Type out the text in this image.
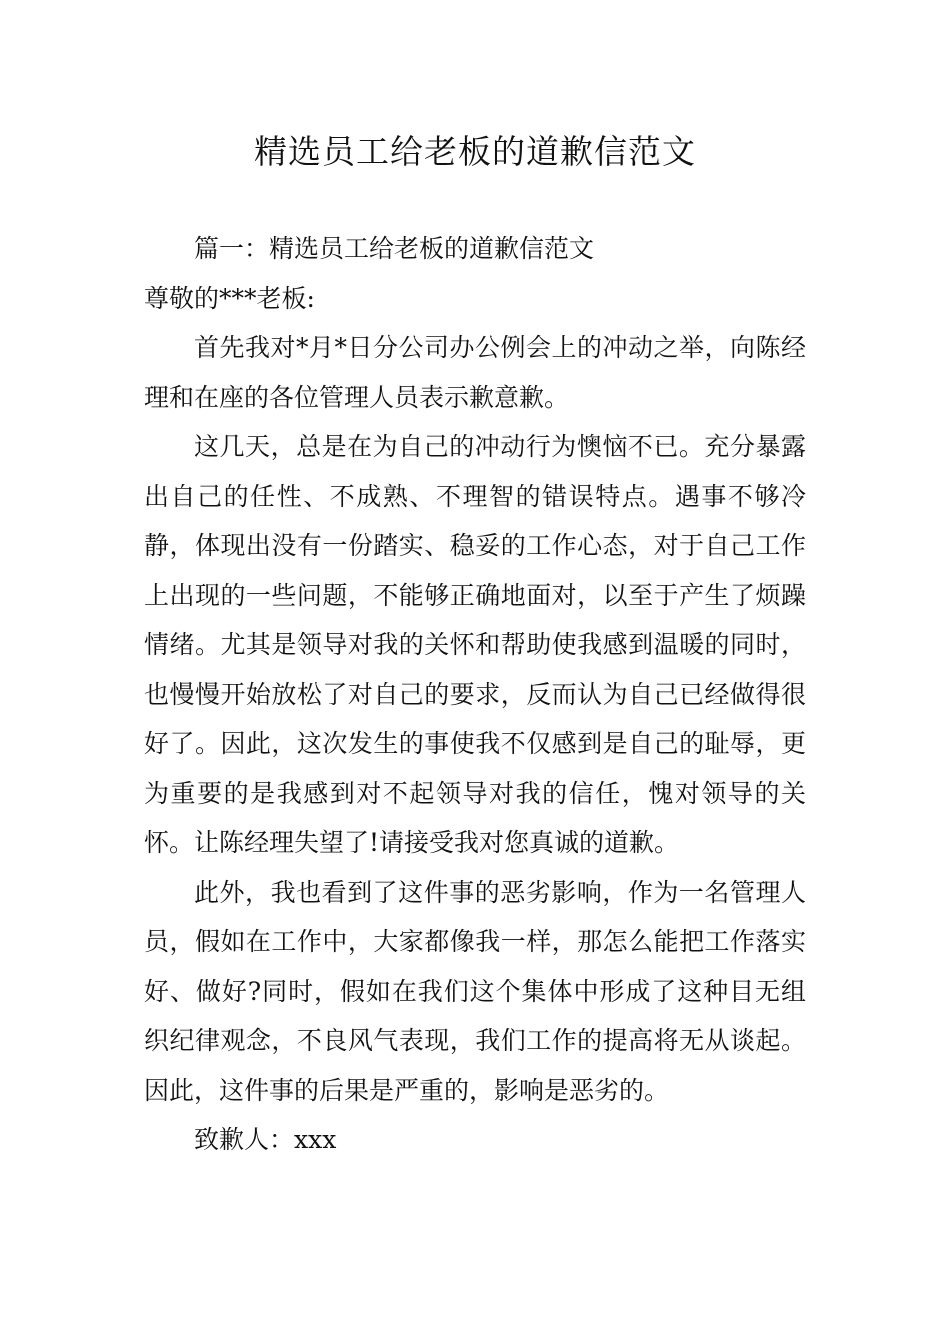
精选员工给老板的道歉信范文

篇一：精选员工给老板的道歉信范文

尊敬的***老板:

首先我对*月*日分公司办公例会上的冲动之举，向陈经理和在座的各位管理人员表示歉意歉。

这几天，总是在为自己的冲动行为懊恼不已。充分暴露出自己的任性、不成熟、不理智的错误特点。遇事不够冷静，体现出没有一份踏实、稳妥的工作心态，对于自己工作上出现的一些问题，不能够正确地面对，以至于产生了烦躁情绪。尤其是领导对我的关怀和帮助使我感到温暖的同时，也慢慢开始放松了对自己的要求，反而认为自己已经做得很好了。因此，这次发生的事使我不仅感到是自己的耻辱，更为重要的是我感到对不起领导对我的信任，愧对领导的关怀。让陈经理失望了!请接受我对您真诚的道歉。

此外，我也看到了这件事的恶劣影响，作为一名管理人员，假如在工作中，大家都像我一样，那怎么能把工作落实好、做好?同时，假如在我们这个集体中形成了这种目无组织纪律观念，不良风气表现，我们工作的提高将无从谈起。因此，这件事的后果是严重的，影响是恶劣的。

致歉人：xxx
